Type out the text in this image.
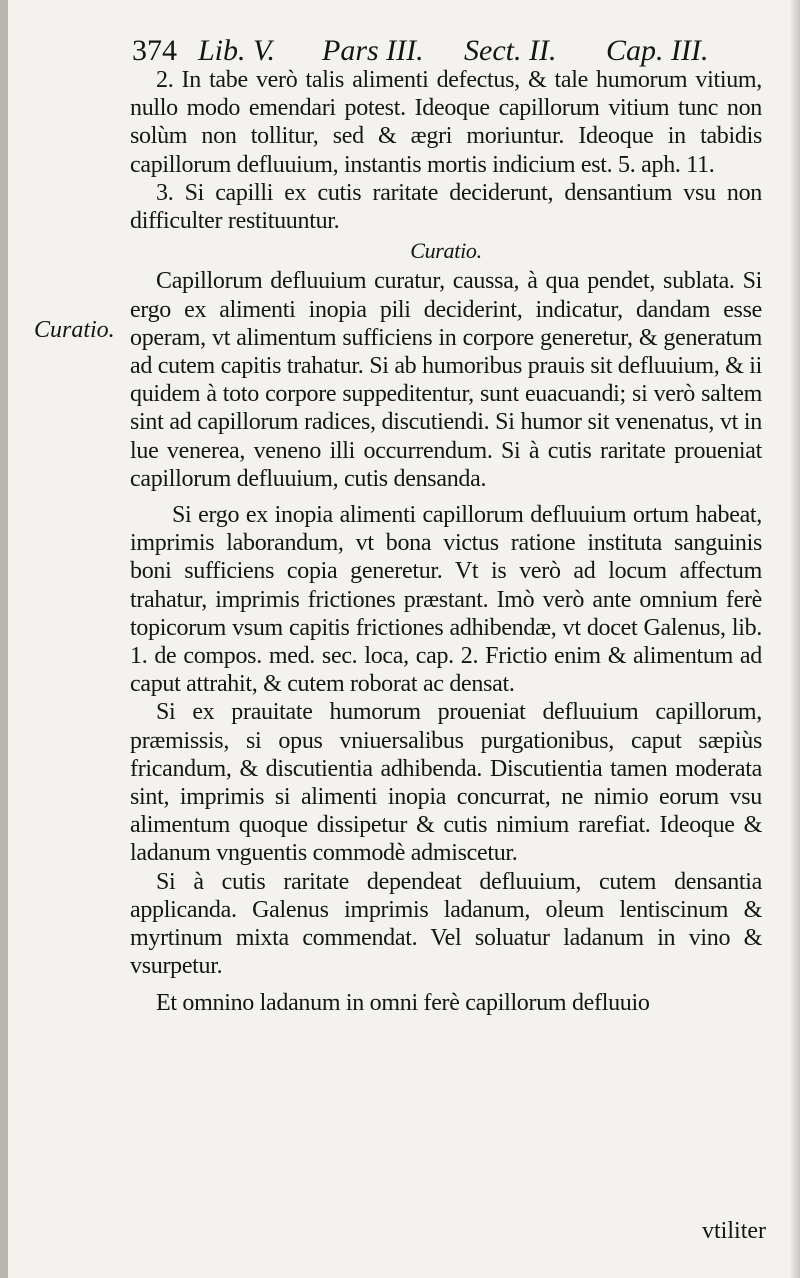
374 Lib. V. Pars III. Sect. II. Cap. III.
Curatio.

2. In tabe verò talis alimenti defectus, & tale humorum vitium, nullo modo emendari potest. Ideoque capillorum vitium tunc non solùm non tollitur, sed & ægri moriuntur. Ideoque in tabidis capillorum defluuium, instantis mortis indicium est. 5. aph. 11.

3. Si capilli ex cutis raritate deciderunt, densantium vsu non difficulter restituuntur.

Curatio.

Capillorum defluuium curatur, caussa, à qua pendet, sublata. Si ergo ex alimenti inopia pili deciderint, indicatur, dandam esse operam, vt alimentum sufficiens in corpore generetur, & generatum ad cutem capitis trahatur. Si ab humoribus prauis sit defluuium, & ii quidem à toto corpore suppeditentur, sunt euacuandi; si verò saltem sint ad capillorum radices, discutiendi. Si humor sit venenatus, vt in lue venerea, veneno illi occurrendum. Si à cutis raritate proueniat capillorum defluuium, cutis densanda.

Si ergo ex inopia alimenti capillorum defluuium ortum habeat, imprimis laborandum, vt bona victus ratione instituta sanguinis boni sufficiens copia generetur. Vt is verò ad locum affectum trahatur, imprimis frictiones præstant. Imò verò ante omnium ferè topicorum vsum capitis frictiones adhibendæ, vt docet Galenus, lib. 1. de compos. med. sec. loca, cap. 2. Frictio enim & alimentum ad caput attrahit, & cutem roborat ac densat.

Si ex prauitate humorum proueniat defluuium capillorum, præmissis, si opus vniuersalibus purgationibus, caput sæpiùs fricandum, & discutientia adhibenda. Discutientia tamen moderata sint, imprimis si alimenti inopia concurrat, ne nimio eorum vsu alimentum quoque dissipetur & cutis nimium rarefiat. Ideoque & ladanum vnguentis commodè admiscetur.

Si à cutis raritate dependeat defluuium, cutem densantia applicanda. Galenus imprimis ladanum, oleum lentiscinum & myrtinum mixta commendat. Vel soluatur ladanum in vino & vsurpetur.

Et omnino ladanum in omni ferè capillorum defluuio

vtiliter
